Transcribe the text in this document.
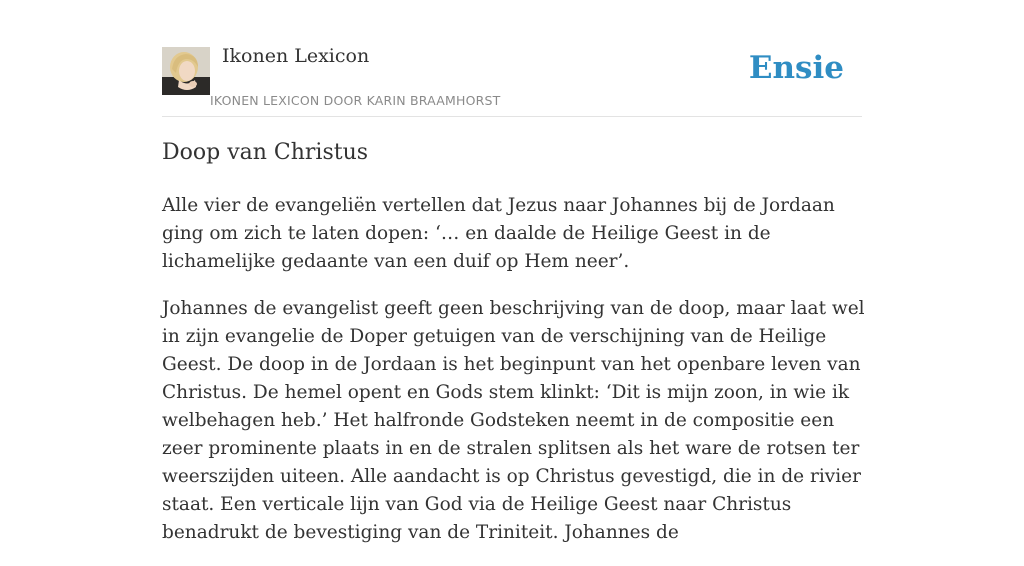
Ikonen Lexicon
IKONEN LEXICON DOOR KARIN BRAAMHORST
Ensie
Doop van Christus

Alle vier de evangeliën vertellen dat Jezus naar Johannes bij de Jordaan ging om zich te laten dopen: ‘… en daalde de Heilige Geest in de lichamelijke gedaante van een duif op Hem neer’.

Johannes de evangelist geeft geen beschrijving van de doop, maar laat wel in zijn evangelie de Doper getuigen van de verschijning van de Heilige Geest. De doop in de Jordaan is het beginpunt van het openbare leven van Christus. De hemel opent en Gods stem klinkt: ‘Dit is mijn zoon, in wie ik welbehagen heb.’ Het halfronde Godsteken neemt in de compositie een zeer prominente plaats in en de stralen splitsen als het ware de rotsen ter weerszijden uiteen. Alle aandacht is op Christus gevestigd, die in de rivier staat. Een verticale lijn van God via de Heilige Geest naar Christus benadrukt de bevestiging van de Triniteit. Johannes de
